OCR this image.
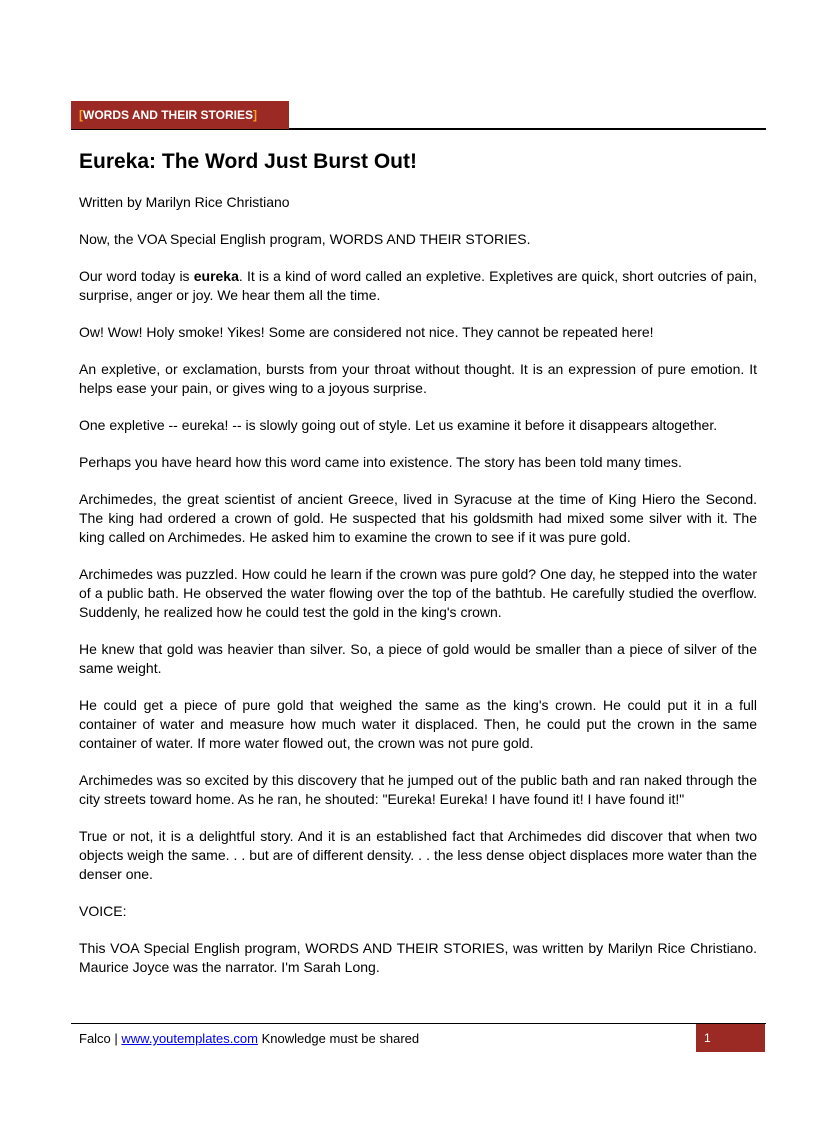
[WORDS AND THEIR STORIES]
Eureka: The Word Just Burst Out!

Written by Marilyn Rice Christiano

Now, the VOA Special English program, WORDS AND THEIR STORIES.

Our word today is eureka. It is a kind of word called an expletive. Expletives are quick, short outcries of pain, surprise, anger or joy. We hear them all the time.

Ow! Wow! Holy smoke! Yikes! Some are considered not nice. They cannot be repeated here!

An expletive, or exclamation, bursts from your throat without thought. It is an expression of pure emotion. It helps ease your pain, or gives wing to a joyous surprise.

One expletive -- eureka! -- is slowly going out of style. Let us examine it before it disappears altogether.

Perhaps you have heard how this word came into existence. The story has been told many times.

Archimedes, the great scientist of ancient Greece, lived in Syracuse at the time of King Hiero the Second. The king had ordered a crown of gold. He suspected that his goldsmith had mixed some silver with it. The king called on Archimedes. He asked him to examine the crown to see if it was pure gold.

Archimedes was puzzled. How could he learn if the crown was pure gold? One day, he stepped into the water of a public bath. He observed the water flowing over the top of the bathtub. He carefully studied the overflow. Suddenly, he realized how he could test the gold in the king's crown.

He knew that gold was heavier than silver. So, a piece of gold would be smaller than a piece of silver of the same weight.

He could get a piece of pure gold that weighed the same as the king's crown. He could put it in a full container of water and measure how much water it displaced. Then, he could put the crown in the same container of water. If more water flowed out, the crown was not pure gold.

Archimedes was so excited by this discovery that he jumped out of the public bath and ran naked through the city streets toward home. As he ran, he shouted: "Eureka! Eureka! I have found it! I have found it!"

True or not, it is a delightful story. And it is an established fact that Archimedes did discover that when two objects weigh the same. . . but are of different density. . . the less dense object displaces more water than the denser one.

VOICE:

This VOA Special English program, WORDS AND THEIR STORIES, was written by Marilyn Rice Christiano. Maurice Joyce was the narrator. I'm Sarah Long.

Falco | www.youtemplates.com Knowledge must be shared	1
